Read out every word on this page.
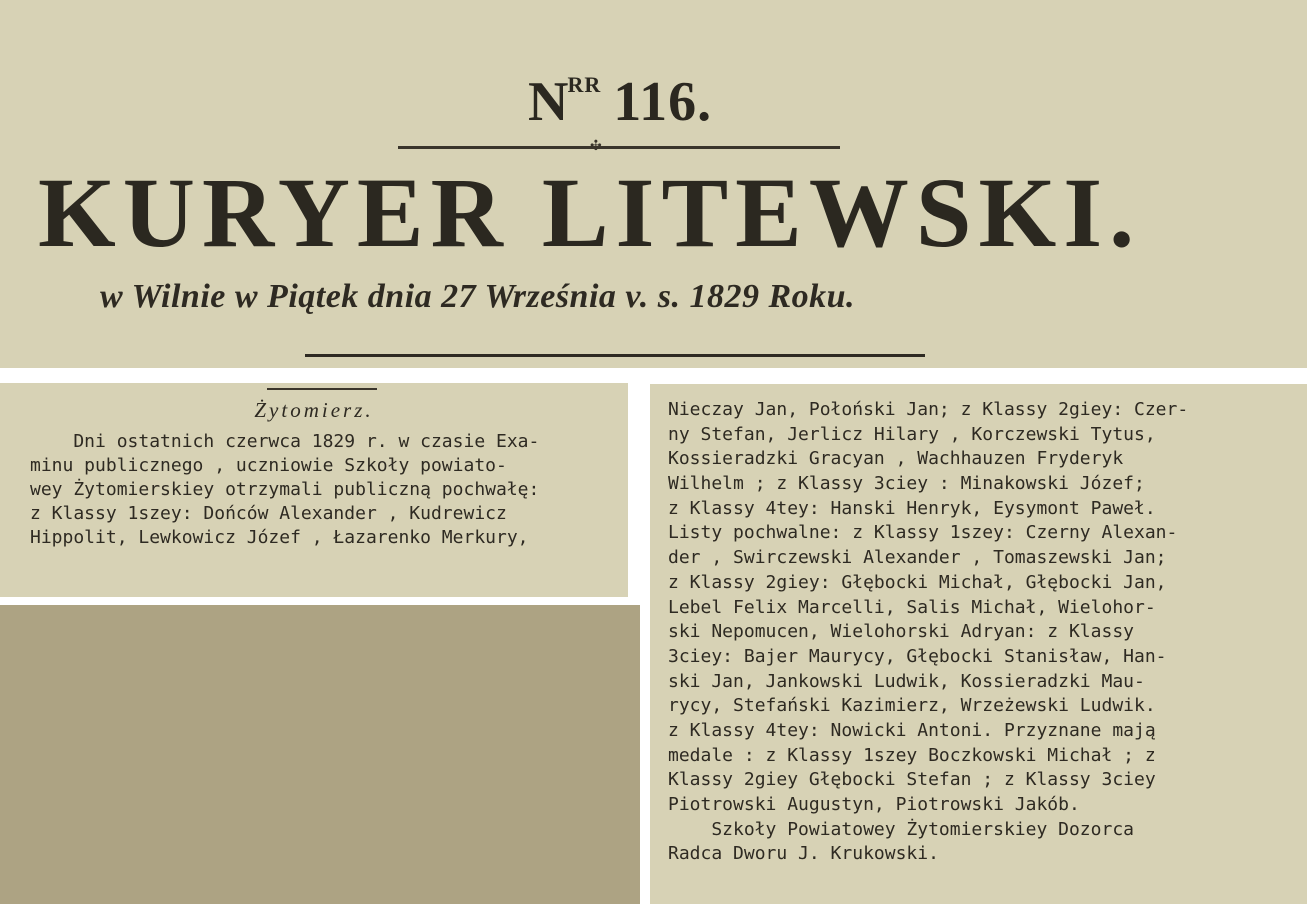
$N^{RR}$ 116.
✣
KURYER LITEWSKI.
w Wilnie w Piątek dnia 27 Września v. s. 1829 Roku.
Żytomierz.
Dni ostatnich czerwca 1829 r. w czasie Exa-
minu publicznego , uczniowie Szkoły powiato-
wey Żytomierskiey otrzymali publiczną pochwałę:
z Klassy 1szey: Dońców Alexander , Kudrewicz
Hippolit, Lewkowicz Józef , Łazarenko Merkury,
Nieczay Jan, Połoński Jan; z Klassy 2giey: Czer-
ny Stefan, Jerlicz Hilary , Korczewski Tytus,
Kossieradzki Gracyan , Wachhauzen Fryderyk
Wilhelm ; z Klassy 3ciey : Minakowski Józef;
z Klassy 4tey: Hanski Henryk, Eysymont Paweł.
Listy pochwalne: z Klassy 1szey: Czerny Alexan-
der , Swirczewski Alexander , Tomaszewski Jan;
z Klassy 2giey: Głębocki Michał, Głębocki Jan,
Lebel Felix Marcelli, Salis Michał, Wielohor-
ski Nepomucen, Wielohorski Adryan: z Klassy
3ciey: Bajer Maurycy, Głębocki Stanisław, Han-
ski Jan, Jankowski Ludwik, Kossieradzki Mau-
rycy, Stefański Kazimierz, Wrzeżewski Ludwik.
z Klassy 4tey: Nowicki Antoni. Przyznane mają
medale : z Klassy 1szey Boczkowski Michał ; z
Klassy 2giey Głębocki Stefan ; z Klassy 3ciey
Piotrowski Augustyn, Piotrowski Jakób.
Szkoły Powiatowey Żytomierskiey Dozorca
Radca Dworu J. Krukowski.
